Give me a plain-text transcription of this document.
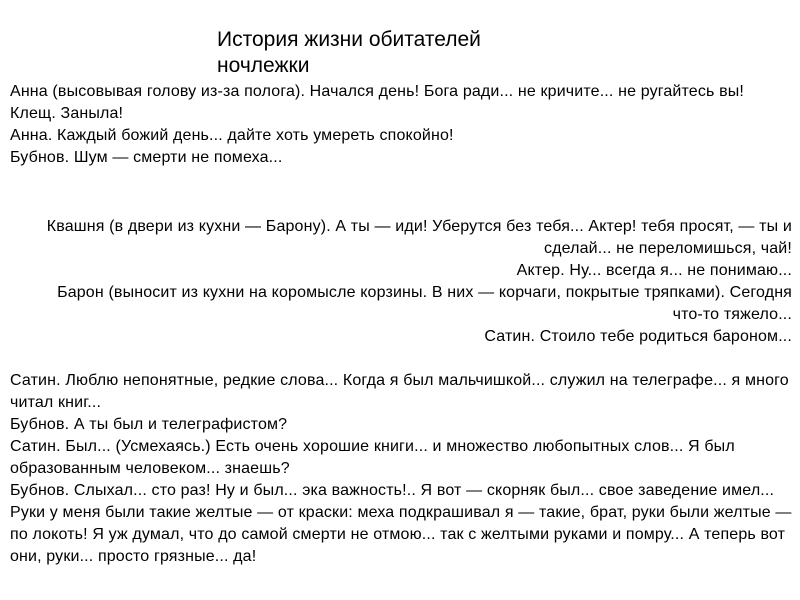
История жизни обитателей ночлежки

Анна (высовывая голову из-за полога). Начался день! Бога ради... не кричите... не ругайтесь вы!

Клещ. Заныла!

Анна. Каждый божий день... дайте хоть умереть спокойно!

Бубнов. Шум — смерти не помеха...

Квашня (в двери из кухни — Барону). А ты — иди! Уберутся без тебя... Актер! тебя просят, — ты и сделай... не переломишься, чай!

Актер. Ну... всегда я... не понимаю...

Барон (выносит из кухни на коромысле корзины. В них — корчаги, покрытые тряпками). Сегодня что-то тяжело...

Сатин. Стоило тебе родиться бароном...

Сатин. Люблю непонятные, редкие слова... Когда я был мальчишкой... служил на телеграфе... я много читал книг...

Бубнов. А ты был и телеграфистом?

Сатин. Был... (Усмехаясь.) Есть очень хорошие книги... и множество любопытных слов... Я был образованным человеком... знаешь?

Бубнов. Слыхал... сто раз! Ну и был... эка важность!.. Я вот — скорняк был... свое заведение имел... Руки у меня были такие желтые — от краски: меха подкрашивал я — такие, брат, руки были желтые — по локоть! Я уж думал, что до самой смерти не отмою... так с желтыми руками и помру... А теперь вот они, руки... просто грязные... да!
